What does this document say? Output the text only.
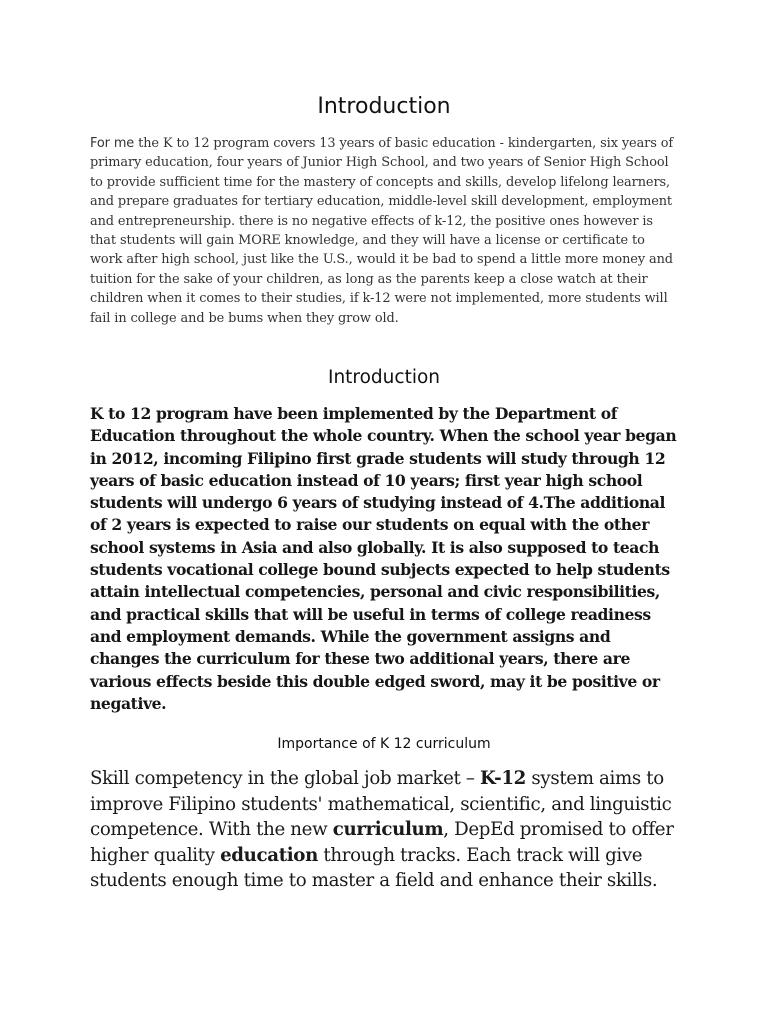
Introduction

For me the K to 12 program covers 13 years of basic education - kindergarten, six years of primary education, four years of Junior High School, and two years of Senior High School to provide sufficient time for the mastery of concepts and skills, develop lifelong learners, and prepare graduates for tertiary education, middle-level skill development, employment and entrepreneurship. there is no negative effects of k-12, the positive ones however is that students will gain MORE knowledge, and they will have a license or certificate to work after high school, just like the U.S., would it be bad to spend a little more money and tuition for the sake of your children, as long as the parents keep a close watch at their children when it comes to their studies, if k-12 were not implemented, more students will fail in college and be bums when they grow old.

Introduction

K to 12 program have been implemented by the Department of Education throughout the whole country. When the school year began in 2012, incoming Filipino first grade students will study through 12 years of basic education instead of 10 years; first year high school students will undergo 6 years of studying instead of 4.The additional of 2 years is expected to raise our students on equal with the other school systems in Asia and also globally. It is also supposed to teach students vocational college bound subjects expected to help students attain intellectual competencies, personal and civic responsibilities, and practical skills that will be useful in terms of college readiness and employment demands. While the government assigns and changes the curriculum for these two additional years, there are various effects beside this double edged sword, may it be positive or negative.

Importance of K 12 curriculum

Skill competency in the global job market – K-12 system aims to improve Filipino students' mathematical, scientific, and linguistic competence. With the new curriculum, DepEd promised to offer higher quality education through tracks. Each track will give students enough time to master a field and enhance their skills.
